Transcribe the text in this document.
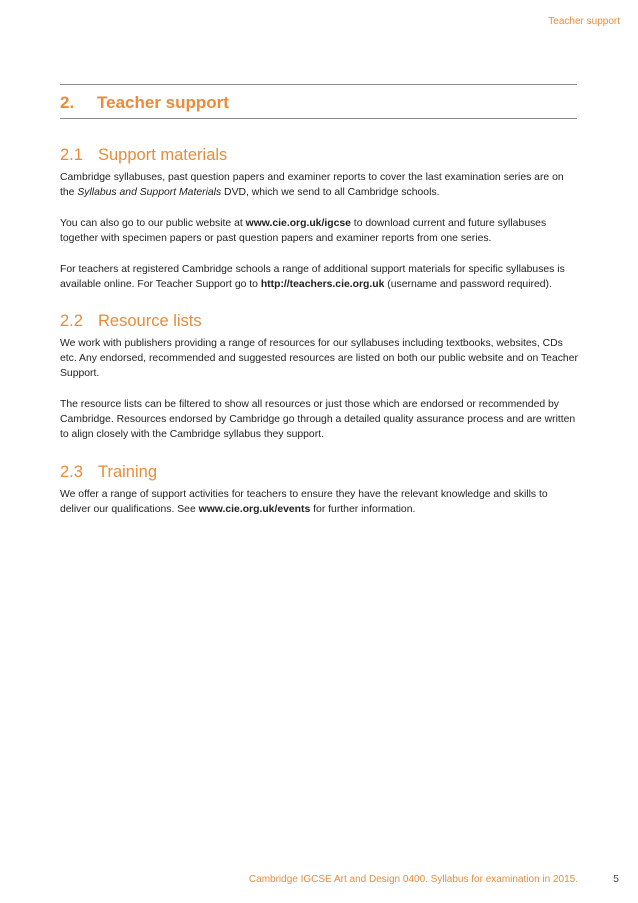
Teacher support
2. Teacher support
2.1 Support materials

Cambridge syllabuses, past question papers and examiner reports to cover the last examination series are on the Syllabus and Support Materials DVD, which we send to all Cambridge schools.

You can also go to our public website at www.cie.org.uk/igcse to download current and future syllabuses together with specimen papers or past question papers and examiner reports from one series.

For teachers at registered Cambridge schools a range of additional support materials for specific syllabuses is available online. For Teacher Support go to http://teachers.cie.org.uk (username and password required).

2.2 Resource lists

We work with publishers providing a range of resources for our syllabuses including textbooks, websites, CDs etc. Any endorsed, recommended and suggested resources are listed on both our public website and on Teacher Support.

The resource lists can be filtered to show all resources or just those which are endorsed or recommended by Cambridge. Resources endorsed by Cambridge go through a detailed quality assurance process and are written to align closely with the Cambridge syllabus they support.

2.3 Training

We offer a range of support activities for teachers to ensure they have the relevant knowledge and skills to deliver our qualifications. See www.cie.org.uk/events for further information.

Cambridge IGCSE Art and Design 0400. Syllabus for examination in 2015.	5
